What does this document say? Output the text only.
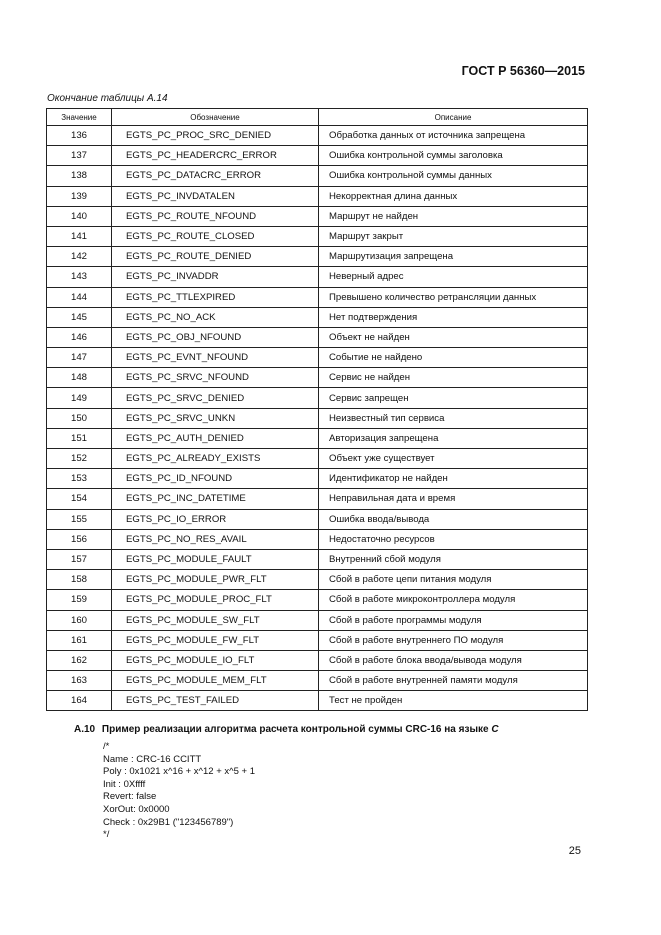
ГОСТ Р 56360—2015
Окончание таблицы А.14
Значение	Обозначение	Описание
136	EGTS_PC_PROC_SRC_DENIED	Обработка данных от источника запрещена
137	EGTS_PC_HEADERCRC_ERROR	Ошибка контрольной суммы заголовка
138	EGTS_PC_DATACRC_ERROR	Ошибка контрольной суммы данных
139	EGTS_PC_INVDATALEN	Некорректная длина данных
140	EGTS_PC_ROUTE_NFOUND	Маршрут не найден
141	EGTS_PC_ROUTE_CLOSED	Маршрут закрыт
142	EGTS_PC_ROUTE_DENIED	Маршрутизация запрещена
143	EGTS_PC_INVADDR	Неверный адрес
144	EGTS_PC_TTLEXPIRED	Превышено количество ретрансляции данных
145	EGTS_PC_NO_ACK	Нет подтверждения
146	EGTS_PC_OBJ_NFOUND	Объект не найден
147	EGTS_PC_EVNT_NFOUND	Событие не найдено
148	EGTS_PC_SRVC_NFOUND	Сервис не найден
149	EGTS_PC_SRVC_DENIED	Сервис запрещен
150	EGTS_PC_SRVC_UNKN	Неизвестный тип сервиса
151	EGTS_PC_AUTH_DENIED	Авторизация запрещена
152	EGTS_PC_ALREADY_EXISTS	Объект уже существует
153	EGTS_PC_ID_NFOUND	Идентификатор не найден
154	EGTS_PC_INC_DATETIME	Неправильная дата и время
155	EGTS_PC_IO_ERROR	Ошибка ввода/вывода
156	EGTS_PC_NO_RES_AVAIL	Недостаточно ресурсов
157	EGTS_PC_MODULE_FAULT	Внутренний сбой модуля
158	EGTS_PC_MODULE_PWR_FLT	Сбой в работе цепи питания модуля
159	EGTS_PC_MODULE_PROC_FLT	Сбой в работе микроконтроллера модуля
160	EGTS_PC_MODULE_SW_FLT	Сбой в работе программы модуля
161	EGTS_PC_MODULE_FW_FLT	Сбой в работе внутреннего ПО модуля
162	EGTS_PC_MODULE_IO_FLT	Сбой в работе блока ввода/вывода модуля
163	EGTS_PC_MODULE_MEM_FLT	Сбой в работе внутренней памяти модуля
164	EGTS_PC_TEST_FAILED	Тест не пройден
А.10 Пример реализации алгоритма расчета контрольной суммы CRC-16 на языке C
/*
Name : CRC-16 CCITT
Poly : 0x1021 x^16 + x^12 + x^5 + 1
Init : 0Xffff
Revert: false
XorOut: 0x0000
Check : 0x29B1 ("123456789")
*/
25
